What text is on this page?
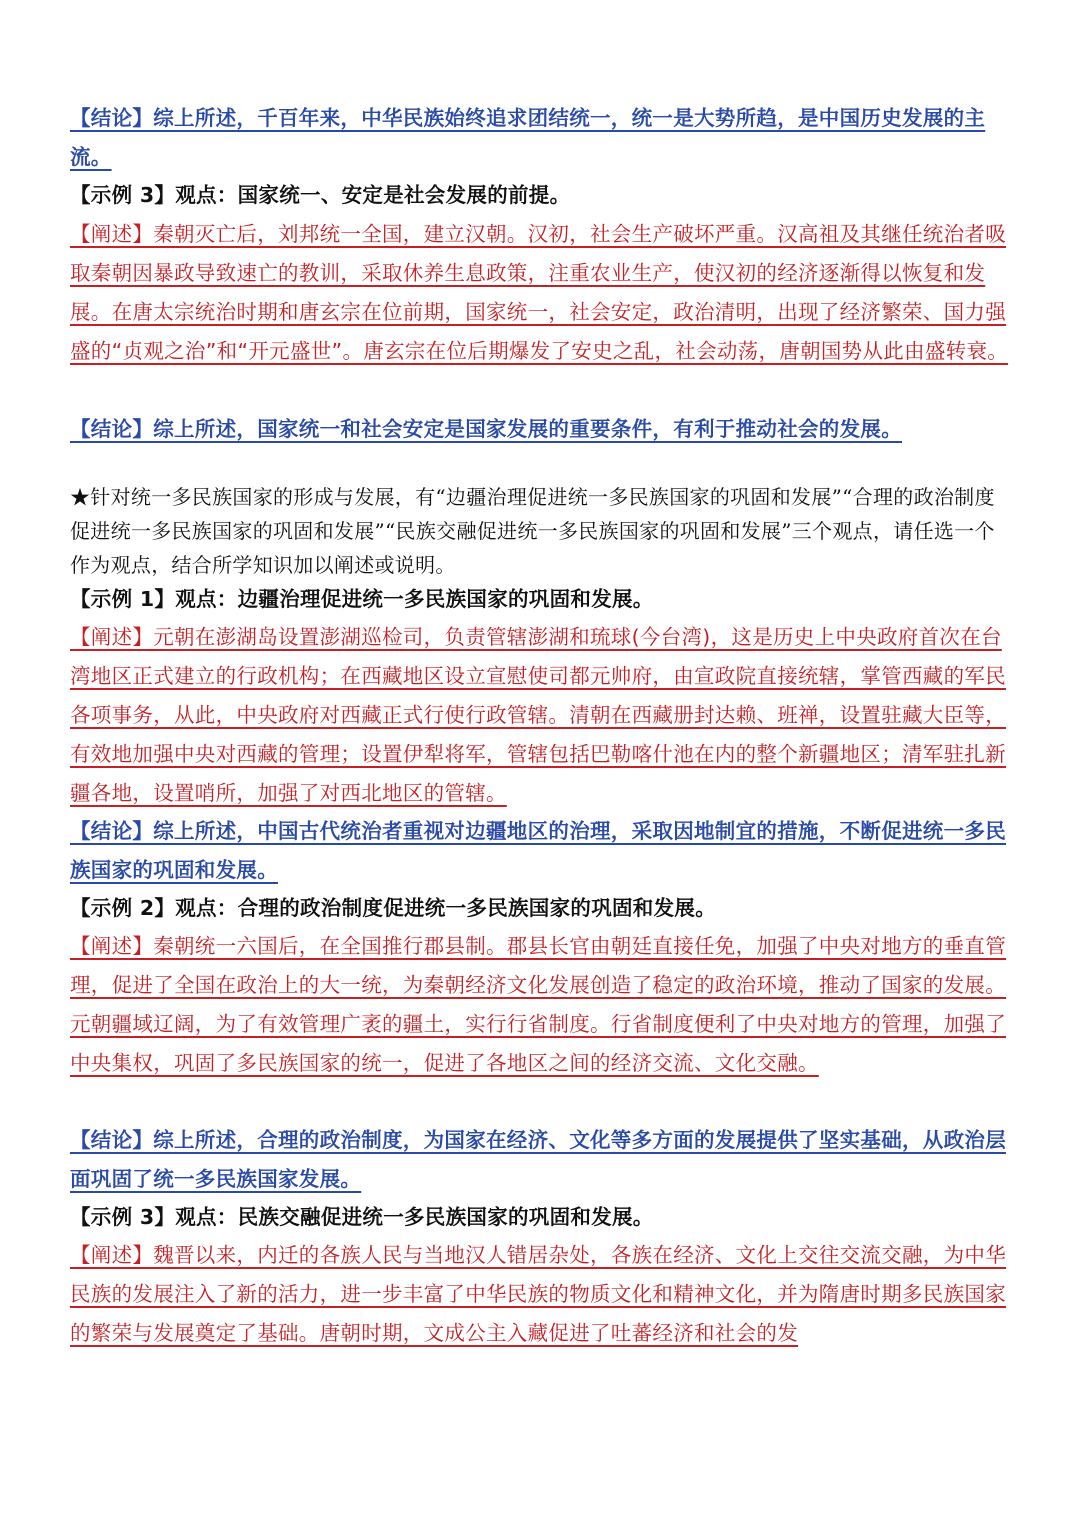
【结论】综上所述，千百年来，中华民族始终追求团结统一，统一是大势所趋，是中国历史发展的主流。

【示例 3】观点：国家统一、安定是社会发展的前提。

【阐述】秦朝灭亡后，刘邦统一全国，建立汉朝。汉初，社会生产破坏严重。汉高祖及其继任统治者吸取秦朝因暴政导致速亡的教训，采取休养生息政策，注重农业生产，使汉初的经济逐渐得以恢复和发展。在唐太宗统治时期和唐玄宗在位前期，国家统一，社会安定，政治清明，出现了经济繁荣、国力强盛的“贞观之治”和“开元盛世”。唐玄宗在位后期爆发了安史之乱，社会动荡，唐朝国势从此由盛转衰。

【结论】综上所述，国家统一和社会安定是国家发展的重要条件，有利于推动社会的发展。

★针对统一多民族国家的形成与发展，有“边疆治理促进统一多民族国家的巩固和发展”“合理的政治制度促进统一多民族国家的巩固和发展”“民族交融促进统一多民族国家的巩固和发展”三个观点，请任选一个作为观点，结合所学知识加以阐述或说明。

【示例 1】观点：边疆治理促进统一多民族国家的巩固和发展。

【阐述】元朝在澎湖岛设置澎湖巡检司，负责管辖澎湖和琉球(今台湾)，这是历史上中央政府首次在台湾地区正式建立的行政机构；在西藏地区设立宣慰使司都元帅府，由宣政院直接统辖，掌管西藏的军民各项事务，从此，中央政府对西藏正式行使行政管辖。清朝在西藏册封达赖、班禅，设置驻藏大臣等，有效地加强中央对西藏的管理；设置伊犁将军，管辖包括巴勒喀什池在内的整个新疆地区；清军驻扎新疆各地，设置哨所，加强了对西北地区的管辖。

【结论】综上所述，中国古代统治者重视对边疆地区的治理，采取因地制宜的措施，不断促进统一多民族国家的巩固和发展。

【示例 2】观点：合理的政治制度促进统一多民族国家的巩固和发展。

【阐述】秦朝统一六国后，在全国推行郡县制。郡县长官由朝廷直接任免，加强了中央对地方的垂直管理，促进了全国在政治上的大一统，为秦朝经济文化发展创造了稳定的政治环境，推动了国家的发展。元朝疆域辽阔，为了有效管理广袤的疆土，实行行省制度。行省制度便利了中央对地方的管理，加强了中央集权，巩固了多民族国家的统一，促进了各地区之间的经济交流、文化交融。

【结论】综上所述，合理的政治制度，为国家在经济、文化等多方面的发展提供了坚实基础，从政治层面巩固了统一多民族国家发展。

【示例 3】观点：民族交融促进统一多民族国家的巩固和发展。

【阐述】魏晋以来，内迁的各族人民与当地汉人错居杂处，各族在经济、文化上交往交流交融，为中华民族的发展注入了新的活力，进一步丰富了中华民族的物质文化和精神文化，并为隋唐时期多民族国家的繁荣与发展奠定了基础。唐朝时期，文成公主入藏促进了吐蕃经济和社会的发
